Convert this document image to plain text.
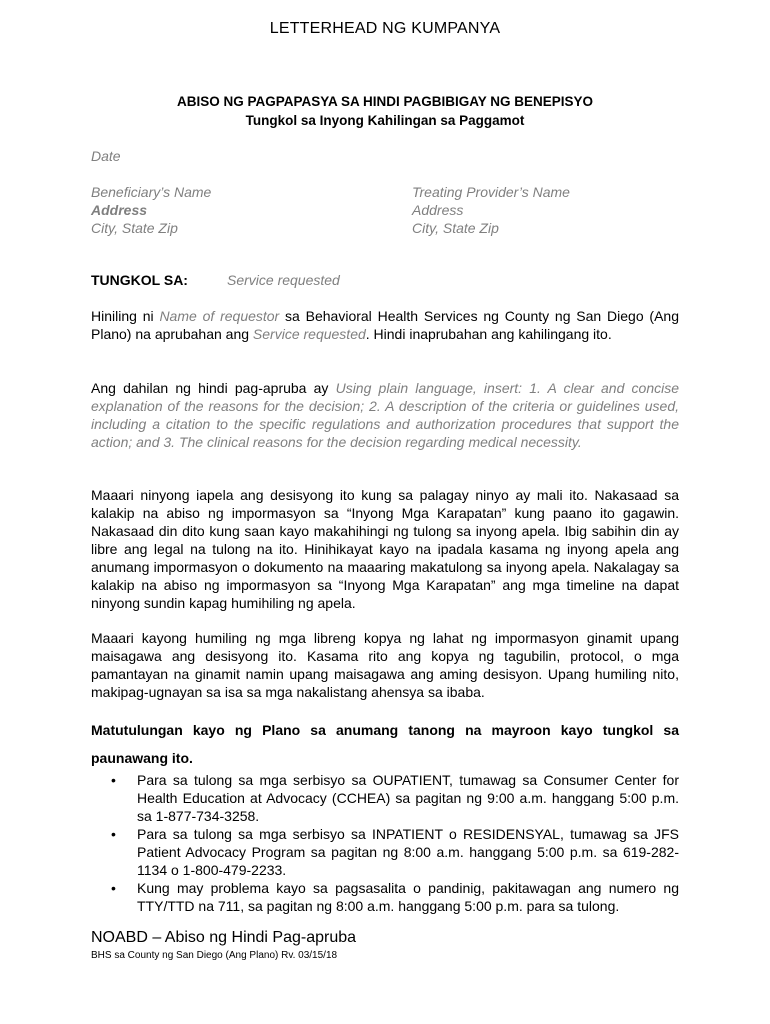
LETTERHEAD NG KUMPANYA
ABISO NG PAGPAPASYA SA HINDI PAGBIBIGAY NG BENEPISYO
Tungkol sa Inyong Kahilingan sa Paggamot
Date
Beneficiary’s Name
Address
City, State Zip
Treating Provider’s Name
Address
City, State Zip
TUNGKOL SA:	Service requested
Hiniling ni Name of requestor sa Behavioral Health Services ng County ng San Diego (Ang Plano) na aprubahan ang Service requested. Hindi inaprubahan ang kahilingang ito.
Ang dahilan ng hindi pag-apruba ay Using plain language, insert: 1. A clear and concise explanation of the reasons for the decision; 2. A description of the criteria or guidelines used, including a citation to the specific regulations and authorization procedures that support the action; and 3. The clinical reasons for the decision regarding medical necessity.
Maaari ninyong iapela ang desisyong ito kung sa palagay ninyo ay mali ito. Nakasaad sa kalakip na abiso ng impormasyon sa “Inyong Mga Karapatan” kung paano ito gagawin. Nakasaad din dito kung saan kayo makahihingi ng tulong sa inyong apela. Ibig sabihin din ay libre ang legal na tulong na ito. Hinihikayat kayo na ipadala kasama ng inyong apela ang anumang impormasyon o dokumento na maaaring makatulong sa inyong apela. Nakalagay sa kalakip na abiso ng impormasyon sa “Inyong Mga Karapatan” ang mga timeline na dapat ninyong sundin kapag humihiling ng apela.
Maaari kayong humiling ng mga libreng kopya ng lahat ng impormasyon ginamit upang maisagawa ang desisyong ito. Kasama rito ang kopya ng tagubilin, protocol, o mga pamantayan na ginamit namin upang maisagawa ang aming desisyon. Upang humiling nito, makipag-ugnayan sa isa sa mga nakalistang ahensya sa ibaba.
Matutulungan kayo ng Plano sa anumang tanong na mayroon kayo tungkol sa paunawang ito.
• Para sa tulong sa mga serbisyo sa OUPATIENT, tumawag sa Consumer Center for Health Education at Advocacy (CCHEA) sa pagitan ng 9:00 a.m. hanggang 5:00 p.m. sa 1-877-734-3258.
• Para sa tulong sa mga serbisyo sa INPATIENT o RESIDENSYAL, tumawag sa JFS Patient Advocacy Program sa pagitan ng 8:00 a.m. hanggang 5:00 p.m. sa 619-282-1134 o 1-800-479-2233.
• Kung may problema kayo sa pagsasalita o pandinig, pakitawagan ang numero ng TTY/TTD na 711, sa pagitan ng 8:00 a.m. hanggang 5:00 p.m. para sa tulong.
NOABD – Abiso ng Hindi Pag-apruba
BHS sa County ng San Diego (Ang Plano) Rv. 03/15/18
